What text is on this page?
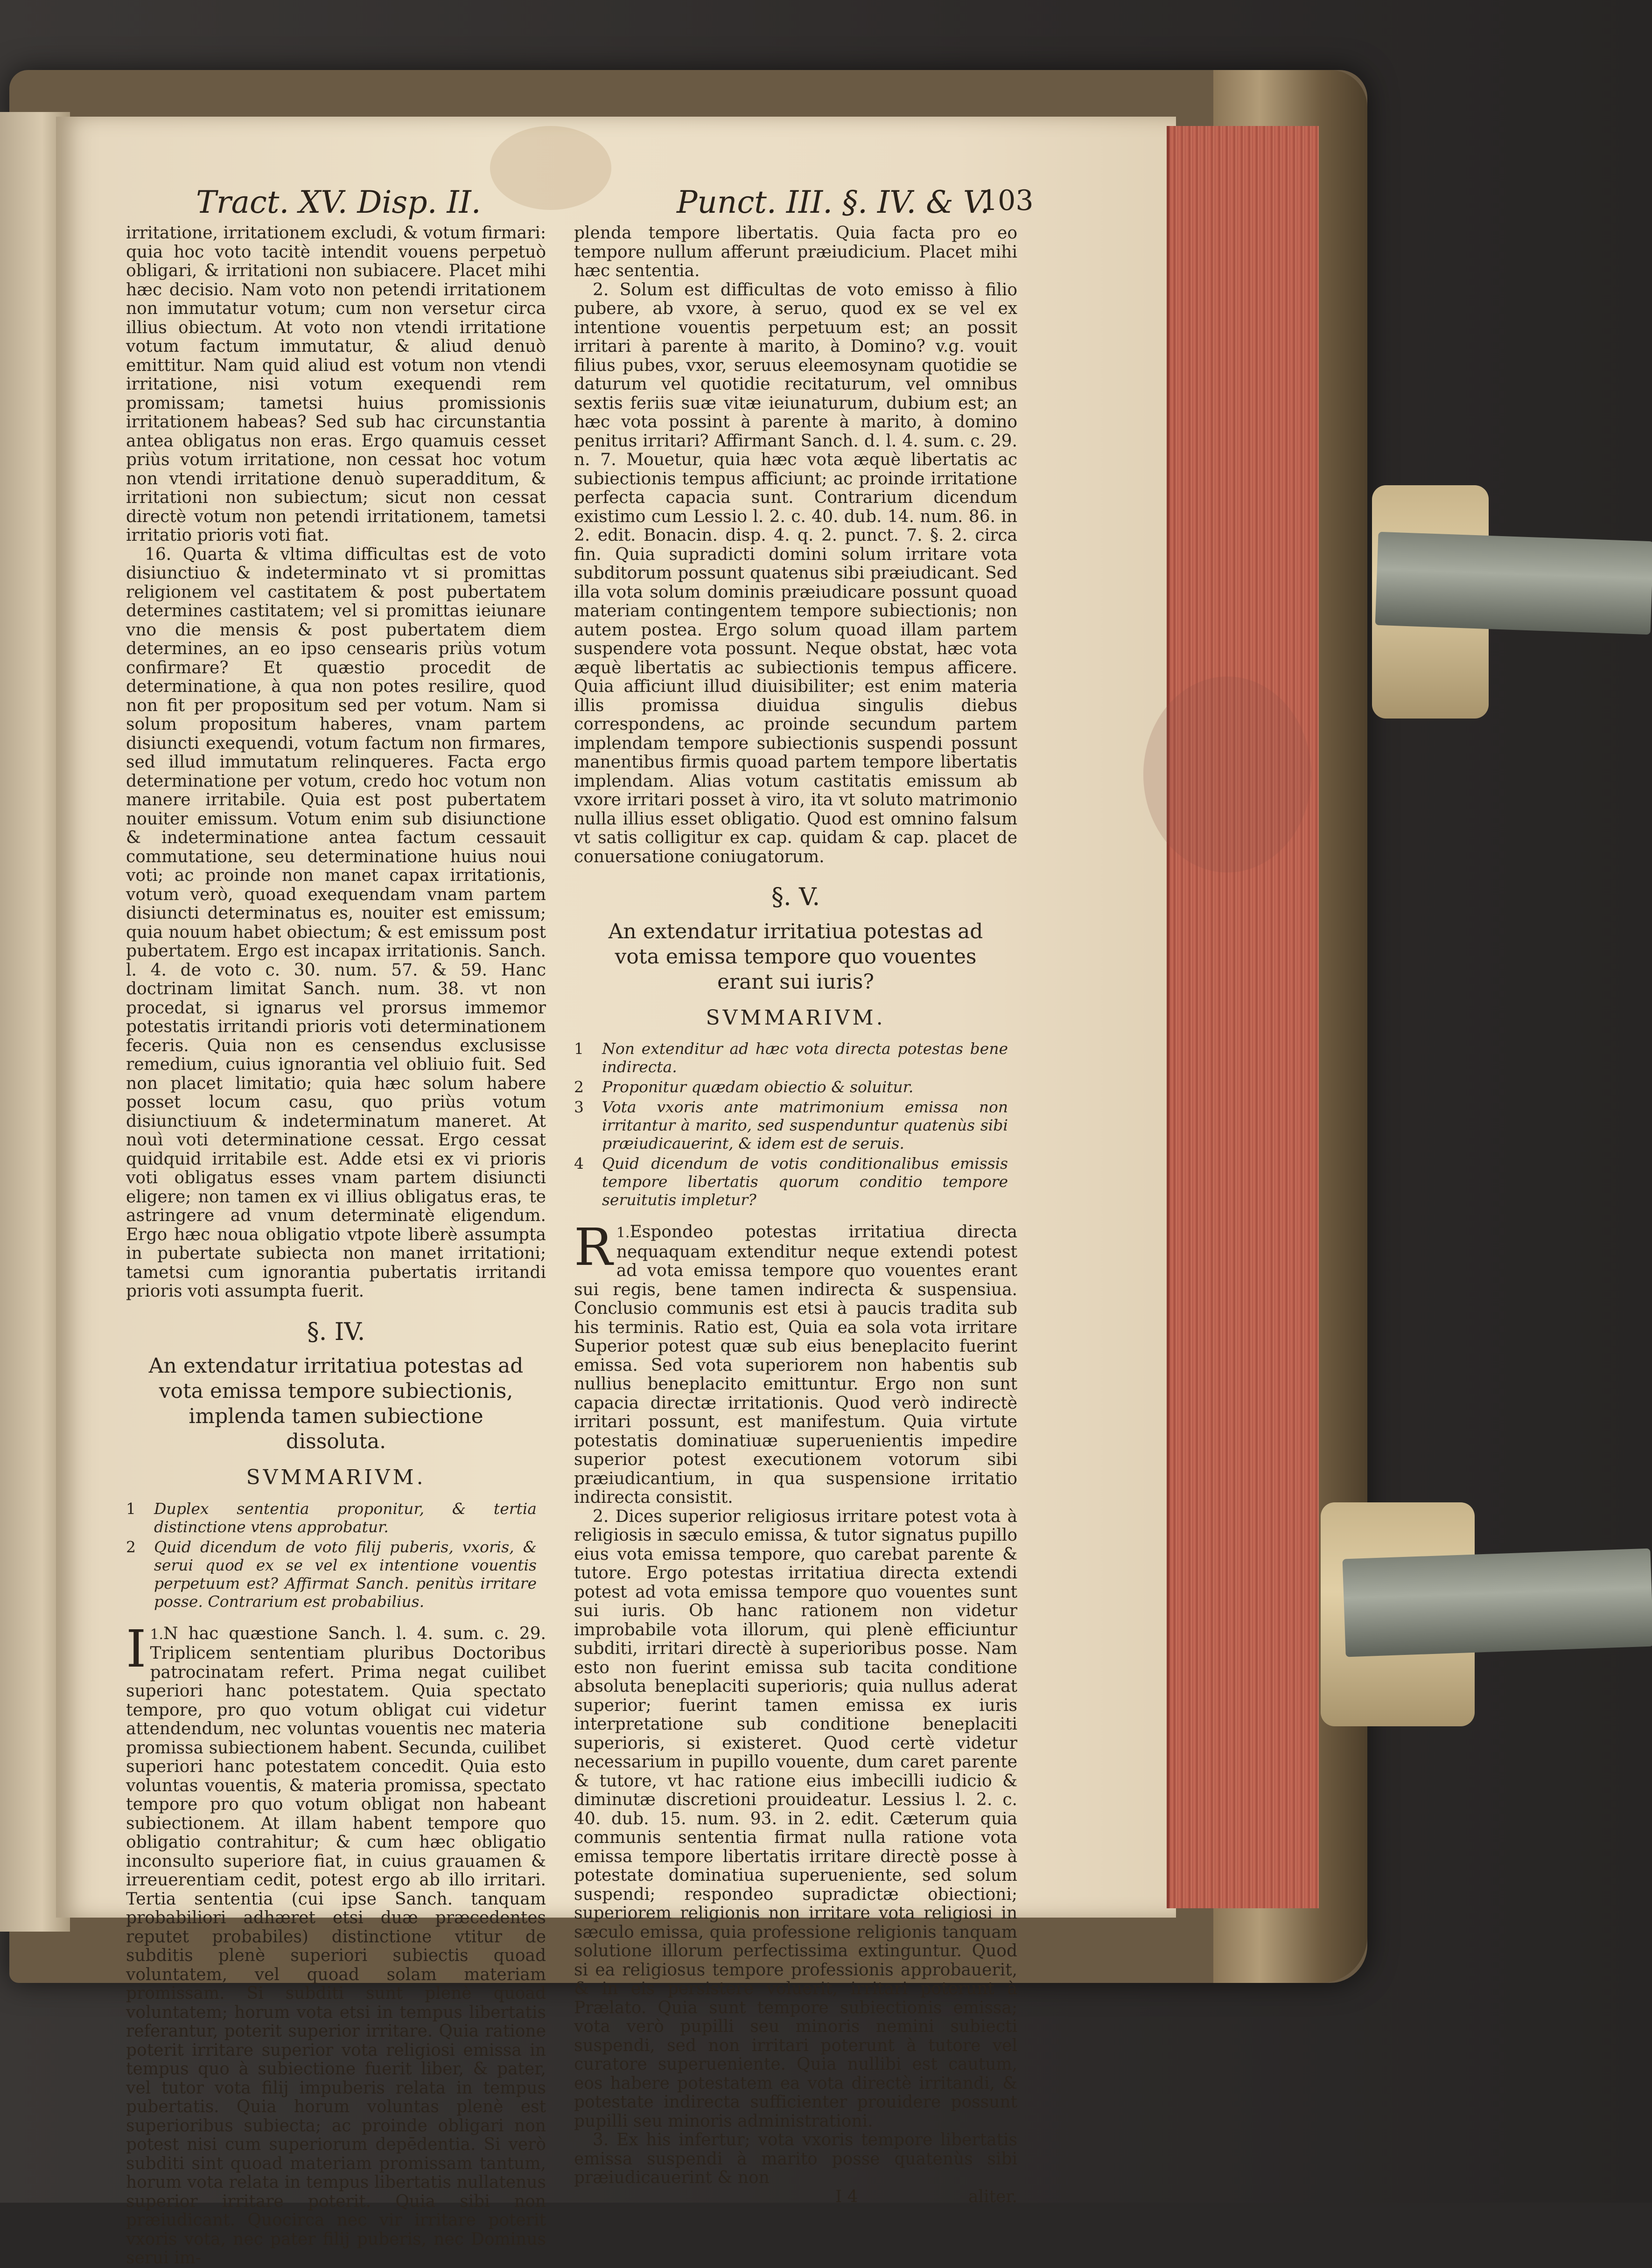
Tract. XV. Disp. II.	Punct. III. §. IV. & V.
103

irritatione, irritationem excludi, & votum firmari: quia hoc voto tacitè intendit vouens perpetuò obligari, & irritationi non subiacere. Placet mihi hæc decisio. Nam voto non petendi irritationem non immutatur votum; cum non versetur circa illius obiectum. At voto non vtendi irritatione votum factum immutatur, & aliud denuò emittitur. Nam quid aliud est votum non vtendi irritatione, nisi votum exequendi rem promissam; tametsi huius promissionis irritationem habeas? Sed sub hac circunstantia antea obligatus non eras. Ergo quamuis cesset priùs votum irritatione, non cessat hoc votum non vtendi irritatione denuò superadditum, & irritationi non subiectum; sicut non cessat directè votum non petendi irritationem, tametsi irritatio prioris voti fiat.

16. Quarta & vltima difficultas est de voto disiunctiuo & indeterminato vt si promittas religionem vel castitatem & post pubertatem determines castitatem; vel si promittas ieiunare vno die mensis & post pubertatem diem determines, an eo ipso censearis priùs votum confirmare? Et quæstio procedit de determinatione, à qua non potes resilire, quod non fit per propositum sed per votum. Nam si solum propositum haberes, vnam partem disiuncti exequendi, votum factum non firmares, sed illud immutatum relinqueres. Facta ergo determinatione per votum, credo hoc votum non manere irritabile. Quia est post pubertatem nouiter emissum. Votum enim sub disiunctione & indeterminatione antea factum cessauit commutatione, seu determinatione huius noui voti; ac proinde non manet capax irritationis, votum verò, quoad exequendam vnam partem disiuncti determinatus es, nouiter est emissum; quia nouum habet obiectum; & est emissum post pubertatem. Ergo est incapax irritationis. Sanch. l. 4. de voto c. 30. num. 57. & 59. Hanc doctrinam limitat Sanch. num. 38. vt non procedat, si ignarus vel prorsus immemor potestatis irritandi prioris voti determinationem feceris. Quia non es censendus exclusisse remedium, cuius ignorantia vel obliuio fuit. Sed non placet limitatio; quia hæc solum habere posset locum casu, quo priùs votum disiunctiuum & indeterminatum maneret. At nouì voti determinatione cessat. Ergo cessat quidquid irritabile est. Adde etsi ex vi prioris voti obligatus esses vnam partem disiuncti eligere; non tamen ex vi illius obligatus eras, te astringere ad vnum determinatè eligendum. Ergo hæc noua obligatio vtpote liberè assumpta in pubertate subiecta non manet irritationi; tametsi cum ignorantia pubertatis irritandi prioris voti assumpta fuerit.

§. IV.
An extendatur irritatiua potestas ad vota emissa tempore subiectionis, implenda tamen subiectione dissoluta.
SVMMARIVM.
1	Duplex sententia proponitur, & tertia distinctione vtens approbatur.
2	Quid dicendum de voto filij puberis, vxoris, & serui quod ex se vel ex intentione vouentis perpetuum est? Affirmat Sanch. penitùs irritare posse. Contrarium est probabilius.

1.
I N hac quæstione Sanch. l. 4. sum. c. 29. Triplicem sententiam pluribus Doctoribus patrocinatam refert. Prima negat cuilibet superiori hanc potestatem. Quia spectato tempore, pro quo votum obligat cui videtur attendendum, nec voluntas vouentis nec materia promissa subiectionem habent. Secunda, cuilibet superiori hanc potestatem concedit. Quia esto voluntas vouentis, & materia promissa, spectato tempore pro quo votum obligat non habeant subiectionem. At illam habent tempore quo obligatio contrahitur; & cum hæc obligatio inconsulto superiore fiat, in cuius grauamen & irreuerentiam cedit, potest ergo ab illo irritari. Tertia sententia (cui ipse Sanch. tanquam probabiliori adhæret etsi duæ præcedentes reputet probabiles) distinctione vtitur de subditis plenè superiori subiectis quoad voluntatem, vel quoad solam materiam promissam. Si subditi sunt plenè quoad voluntatem; horum vota etsi in tempus libertatis referantur, poterit superior irritare. Quia ratione poterit irritare superior vota religiosi emissa in tempus quo à subiectione fuerit liber, & pater, vel tutor vota filij impuberis relata in tempus pubertatis. Quia horum voluntas plenè est superioribus subiecta; ac proinde obligari non potest nisi cum superiorum depēdentia. Si verò subditi sint quoad materiam promissam tantum, horum vota relata in tempus libertatis nullatenus superior irritare poterit. Quia sibi non præiudicant. Quocirca nec vir irritare poterit vxoris vota, nec pater filij puberis, nec Dominus serui im-

plenda tempore libertatis. Quia facta pro eo tempore nullum afferunt præiudicium. Placet mihi hæc sententia.

2. Solum est difficultas de voto emisso à filio pubere, ab vxore, à seruo, quod ex se vel ex intentione vouentis perpetuum est; an possit irritari à parente à marito, à Domino? v.g. vouit filius pubes, vxor, seruus eleemosynam quotidie se daturum vel quotidie recitaturum, vel omnibus sextis feriis suæ vitæ ieiunaturum, dubium est; an hæc vota possint à parente à marito, à domino penitus irritari? Affirmant Sanch. d. l. 4. sum. c. 29. n. 7. Mouetur, quia hæc vota æquè libertatis ac subiectionis tempus afficiunt; ac proinde irritatione perfecta capacia sunt. Contrarium dicendum existimo cum Lessio l. 2. c. 40. dub. 14. num. 86. in 2. edit. Bonacin. disp. 4. q. 2. punct. 7. §. 2. circa fin. Quia supradicti domini solum irritare vota subditorum possunt quatenus sibi præiudicant. Sed illa vota solum dominis præiudicare possunt quoad materiam contingentem tempore subiectionis; non autem postea. Ergo solum quoad illam partem suspendere vota possunt. Neque obstat, hæc vota æquè libertatis ac subiectionis tempus afficere. Quia afficiunt illud diuisibiliter; est enim materia illis promissa diuidua singulis diebus correspondens, ac proinde secundum partem implendam tempore subiectionis suspendi possunt manentibus firmis quoad partem tempore libertatis implendam. Alias votum castitatis emissum ab vxore irritari posset à viro, ita vt soluto matrimonio nulla illius esset obligatio. Quod est omnino falsum vt satis colligitur ex cap. quidam & cap. placet de conuersatione coniugatorum.

§. V.
An extendatur irritatiua potestas ad vota emissa tempore quo vouentes erant sui iuris?
SVMMARIVM.
1	Non extenditur ad hæc vota directa potestas bene indirecta.
2	Proponitur quædam obiectio & soluitur.
3	Vota vxoris ante matrimonium emissa non irritantur à marito, sed suspenduntur quatenùs sibi præiudicauerint, & idem est de seruis.
4	Quid dicendum de votis conditionalibus emissis tempore libertatis quorum conditio tempore seruitutis impletur?

1.
R Espondeo potestas irritatiua directa nequaquam extenditur neque extendi potest ad vota emissa tempore quo vouentes erant sui regis, bene tamen indirecta & suspensiua. Conclusio communis est etsi à paucis tradita sub his terminis. Ratio est, Quia ea sola vota irritare Superior potest quæ sub eius beneplacito fuerint emissa. Sed vota superiorem non habentis sub nullius beneplacito emittuntur. Ergo non sunt capacia directæ irritationis. Quod verò indirectè irritari possunt, est manifestum. Quia virtute potestatis dominatiuæ superuenientis impedire superior potest executionem votorum sibi præiudicantium, in qua suspensione irritatio indirecta consistit.

2. Dices superior religiosus irritare potest vota à religiosis in sæculo emissa, & tutor signatus pupillo eius vota emissa tempore, quo carebat parente & tutore. Ergo potestas irritatiua directa extendi potest ad vota emissa tempore quo vouentes sunt sui iuris. Ob hanc rationem non videtur improbabile vota illorum, qui plenè efficiuntur subditi, irritari directè à superioribus posse. Nam esto non fuerint emissa sub tacita conditione absoluta beneplaciti superioris; quia nullus aderat superior; fuerint tamen emissa ex iuris interpretatione sub conditione beneplaciti superioris, si existeret. Quod certè videtur necessarium in pupillo vouente, dum caret parente & tutore, vt hac ratione eius imbecilli iudicio & diminutæ discretioni prouideatur. Lessius l. 2. c. 40. dub. 15. num. 93. in 2. edit. Cæterum quia communis sententia firmat nulla ratione vota emissa tempore libertatis irritare directè posse à potestate dominatiua superueniente, sed solum suspendi; respondeo supradictæ obiectioni; superiorem religionis non irritare vota religiosi in sæculo emissa, quia professione religionis tanquam solutione illorum perfectissima extinguntur. Quod si ea religiosus tempore professionis approbauerit, & in eis persistere voluerit, irritari poterunt à Prælato. Quia sunt tempore subiectionis emissa; vota verò pupilli seu minoris nemini subiecti suspendi, sed non irritari poterunt à tutore vel curatore superueniente. Quia nullibi est cautum, eos habere potestatem ea vota directè irritandi, & potestate indirecta sufficienter prouidere possunt pupilli seu minoris administrationi.

3. Ex his infertur; vota vxoris tempore libertatis emissa suspendi à marito posse quatenùs sibi præiudicauerint & non

I 4	aliter.
